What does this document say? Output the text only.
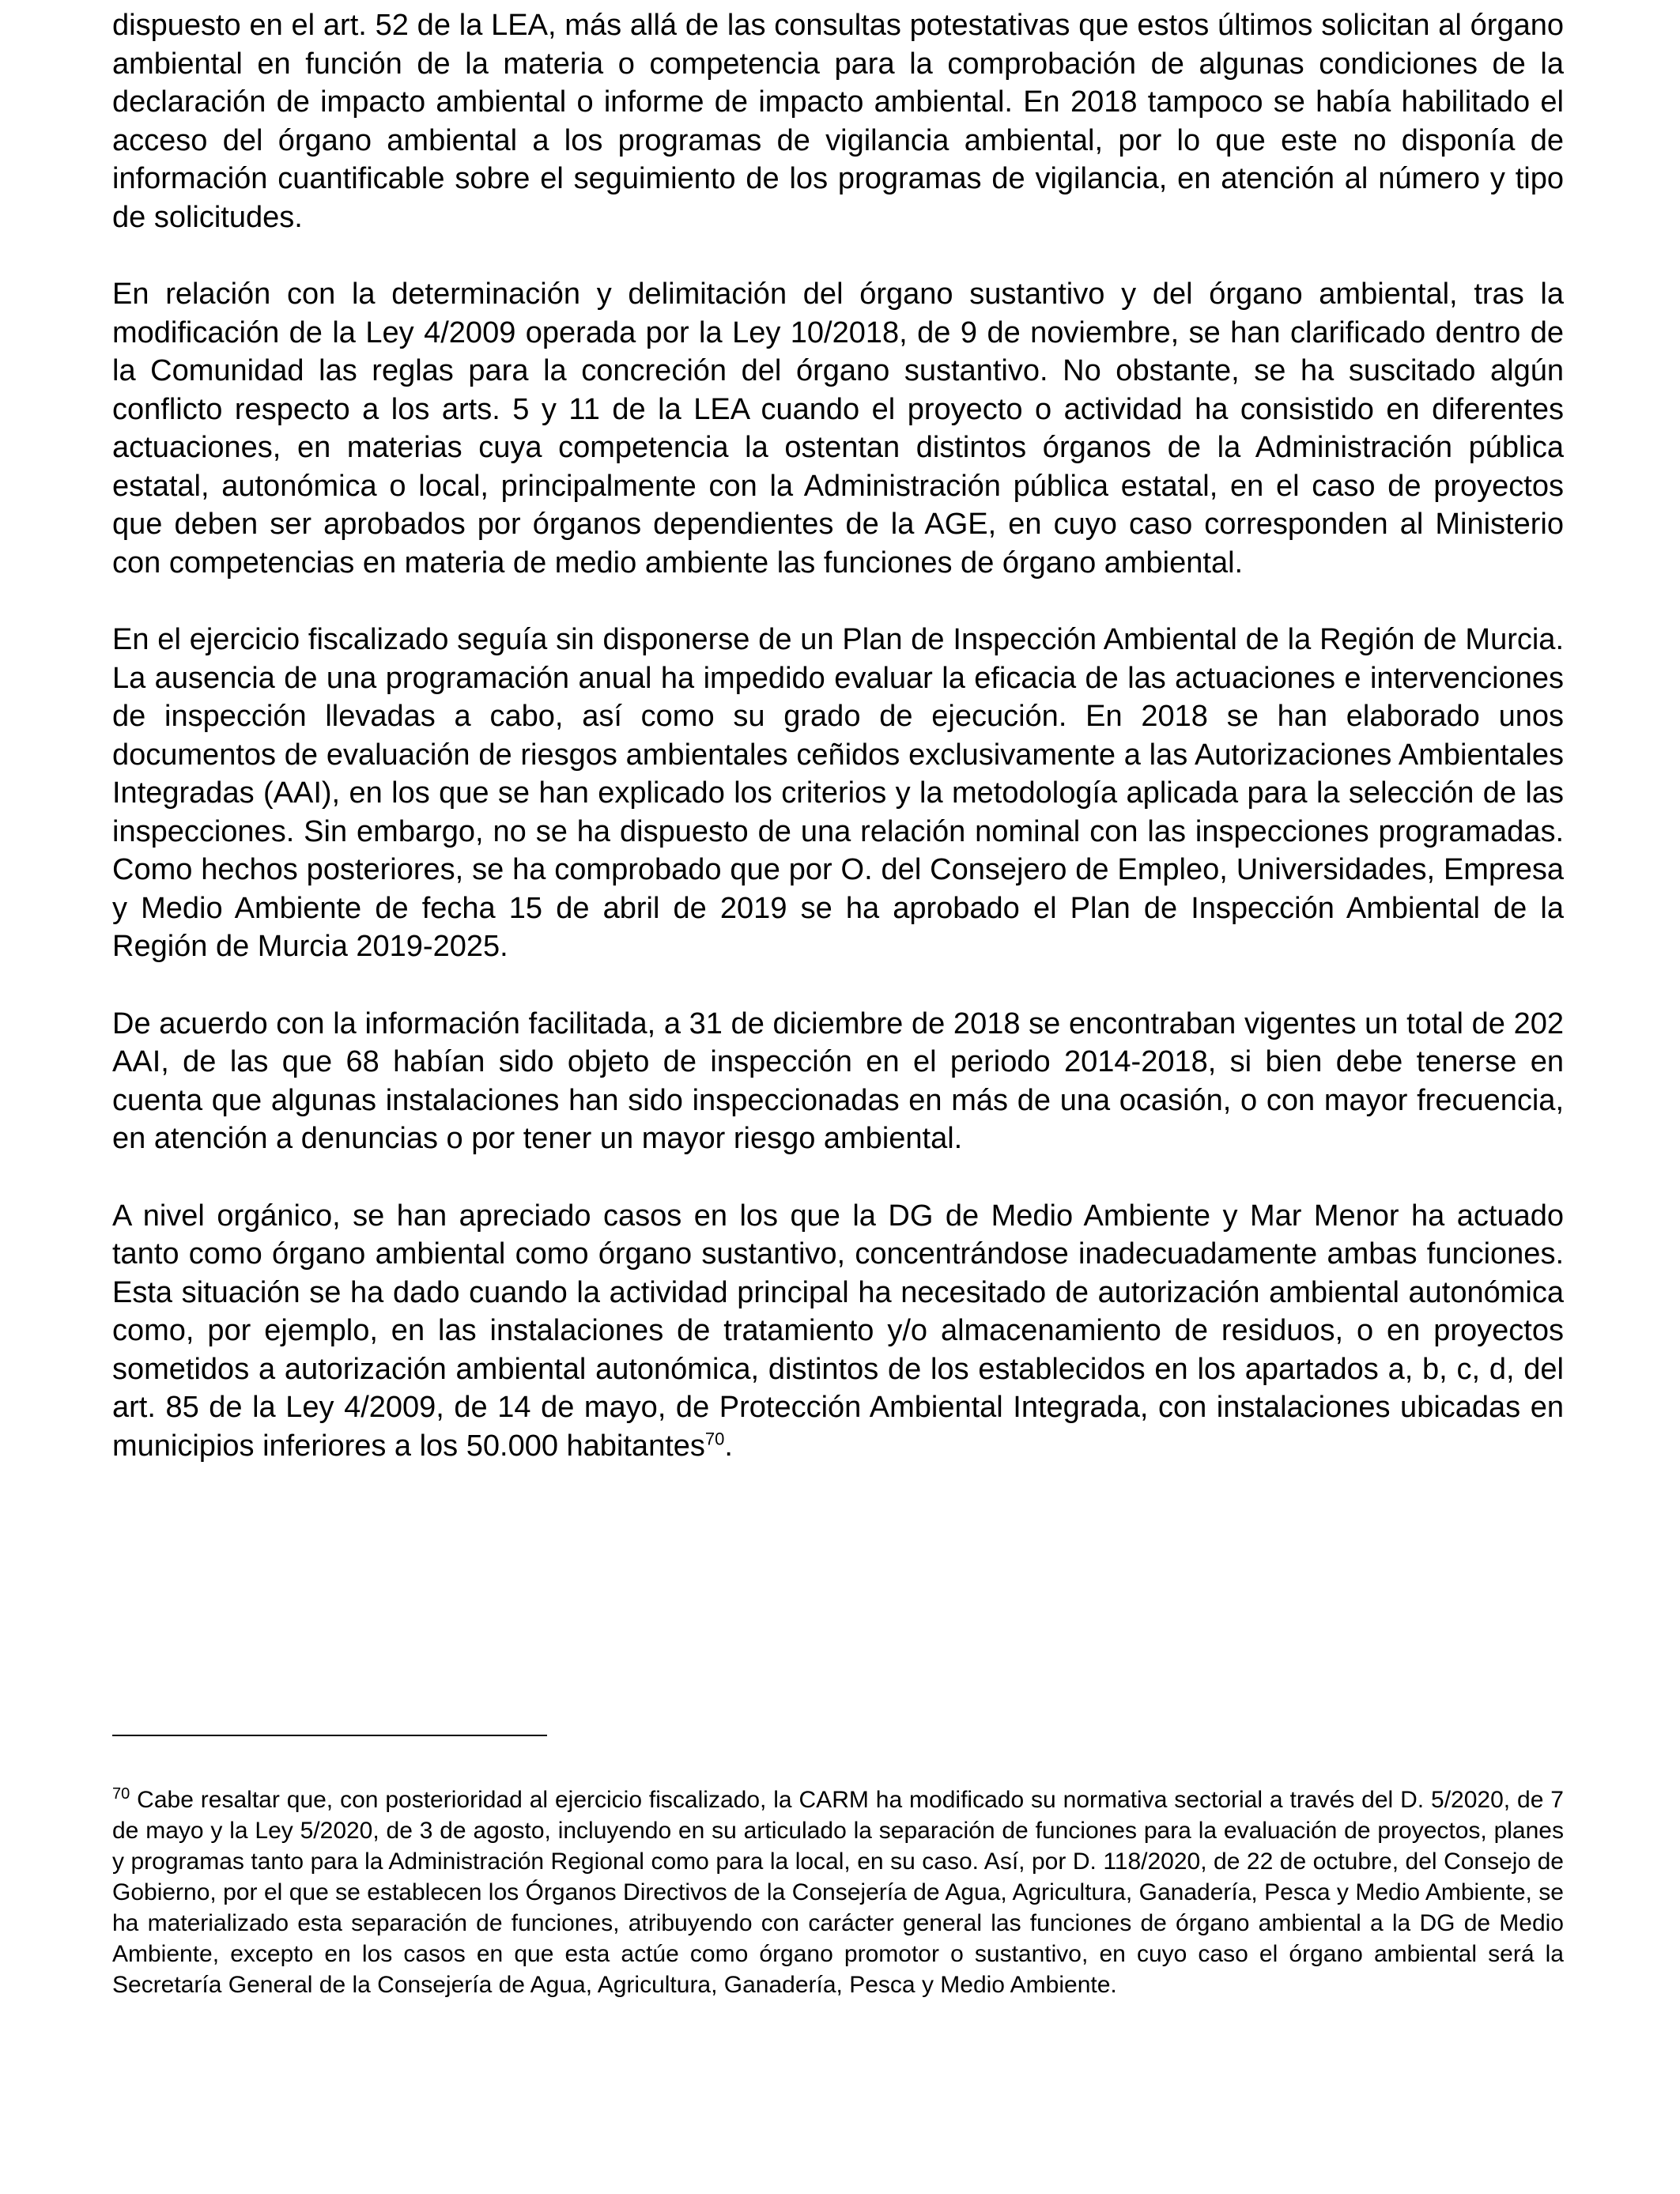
dispuesto en el art. 52 de la LEA, más allá de las consultas potestativas que estos últimos solicitan al órgano ambiental en función de la materia o competencia para la comprobación de algunas condiciones de la declaración de impacto ambiental o informe de impacto ambiental. En 2018 tampoco se había habilitado el acceso del órgano ambiental a los programas de vigilancia ambiental, por lo que este no disponía de información cuantificable sobre el seguimiento de los programas de vigilancia, en atención al número y tipo de solicitudes.

En relación con la determinación y delimitación del órgano sustantivo y del órgano ambiental, tras la modificación de la Ley 4/2009 operada por la Ley 10/2018, de 9 de noviembre, se han clarificado dentro de la Comunidad las reglas para la concreción del órgano sustantivo. No obstante, se ha suscitado algún conflicto respecto a los arts. 5 y 11 de la LEA cuando el proyecto o actividad ha consistido en diferentes actuaciones, en materias cuya competencia la ostentan distintos órganos de la Administración pública estatal, autonómica o local, principalmente con la Administración pública estatal, en el caso de proyectos que deben ser aprobados por órganos dependientes de la AGE, en cuyo caso corresponden al Ministerio con competencias en materia de medio ambiente las funciones de órgano ambiental.

En el ejercicio fiscalizado seguía sin disponerse de un Plan de Inspección Ambiental de la Región de Murcia. La ausencia de una programación anual ha impedido evaluar la eficacia de las actuaciones e intervenciones de inspección llevadas a cabo, así como su grado de ejecución. En 2018 se han elaborado unos documentos de evaluación de riesgos ambientales ceñidos exclusivamente a las Autorizaciones Ambientales Integradas (AAI), en los que se han explicado los criterios y la metodología aplicada para la selección de las inspecciones. Sin embargo, no se ha dispuesto de una relación nominal con las inspecciones programadas. Como hechos posteriores, se ha comprobado que por O. del Consejero de Empleo, Universidades, Empresa y Medio Ambiente de fecha 15 de abril de 2019 se ha aprobado el Plan de Inspección Ambiental de la Región de Murcia 2019-2025.

De acuerdo con la información facilitada, a 31 de diciembre de 2018 se encontraban vigentes un total de 202 AAI, de las que 68 habían sido objeto de inspección en el periodo 2014-2018, si bien debe tenerse en cuenta que algunas instalaciones han sido inspeccionadas en más de una ocasión, o con mayor frecuencia, en atención a denuncias o por tener un mayor riesgo ambiental.

A nivel orgánico, se han apreciado casos en los que la DG de Medio Ambiente y Mar Menor ha actuado tanto como órgano ambiental como órgano sustantivo, concentrándose inadecuadamente ambas funciones. Esta situación se ha dado cuando la actividad principal ha necesitado de autorización ambiental autonómica como, por ejemplo, en las instalaciones de tratamiento y/o almacenamiento de residuos, o en proyectos sometidos a autorización ambiental autonómica, distintos de los establecidos en los apartados a, b, c, d, del art. 85 de la Ley 4/2009, de 14 de mayo, de Protección Ambiental Integrada, con instalaciones ubicadas en municipios inferiores a los 50.000 habitantes$^{70}$.

$^{70}$ Cabe resaltar que, con posterioridad al ejercicio fiscalizado, la CARM ha modificado su normativa sectorial a través del D. 5/2020, de 7 de mayo y la Ley 5/2020, de 3 de agosto, incluyendo en su articulado la separación de funciones para la evaluación de proyectos, planes y programas tanto para la Administración Regional como para la local, en su caso. Así, por D. 118/2020, de 22 de octubre, del Consejo de Gobierno, por el que se establecen los Órganos Directivos de la Consejería de Agua, Agricultura, Ganadería, Pesca y Medio Ambiente, se ha materializado esta separación de funciones, atribuyendo con carácter general las funciones de órgano ambiental a la DG de Medio Ambiente, excepto en los casos en que esta actúe como órgano promotor o sustantivo, en cuyo caso el órgano ambiental será la Secretaría General de la Consejería de Agua, Agricultura, Ganadería, Pesca y Medio Ambiente.
